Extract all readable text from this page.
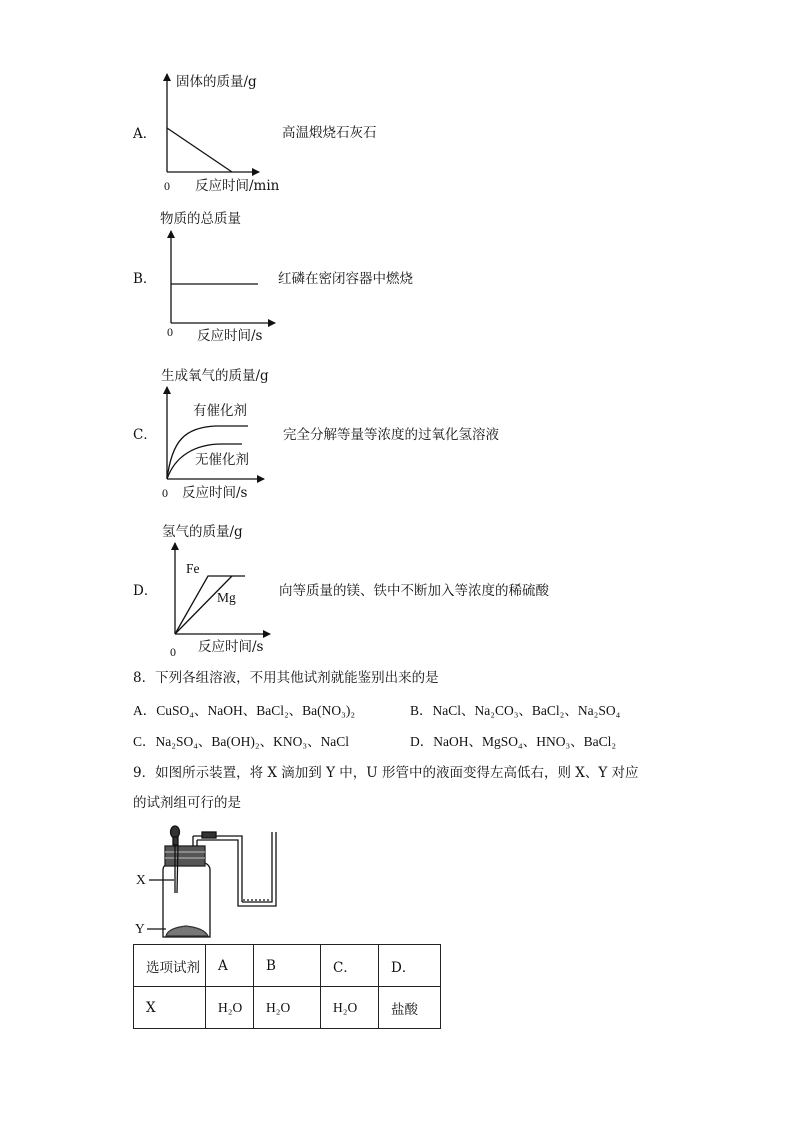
A．
固体的质量/g
0 反应时间/min
高温煅烧石灰石
B．
物质的总质量
0 反应时间/s
红磷在密闭容器中燃烧
C．
生成氧气的质量/g
0 反应时间/s
有催化剂
无催化剂
完全分解等量等浓度的过氧化氢溶液
D．
氢气的质量/g
0 反应时间/s
Fe
Mg	向等质量的镁、铁中不断加入等浓度的稀硫酸
8．下列各组溶液，不用其他试剂就能鉴别出来的是
A．CuSO₄、NaOH、BaCl₂、Ba(NO₃)₂	B．NaCl、Na₂CO₃、BaCl₂、Na₂SO₄
C．Na₂SO₄、Ba(OH)₂、KNO₃、NaCl	D．NaOH、MgSO₄、HNO₃、BaCl₂
9．如图所示装置，将 X 滴加到 Y 中，U 形管中的液面变得左高低右，则 X、Y 对应
的试剂组可行的是
X
Y
选项试剂	A	B	C．	D．
X	H₂O	H₂O	H₂O	盐酸
